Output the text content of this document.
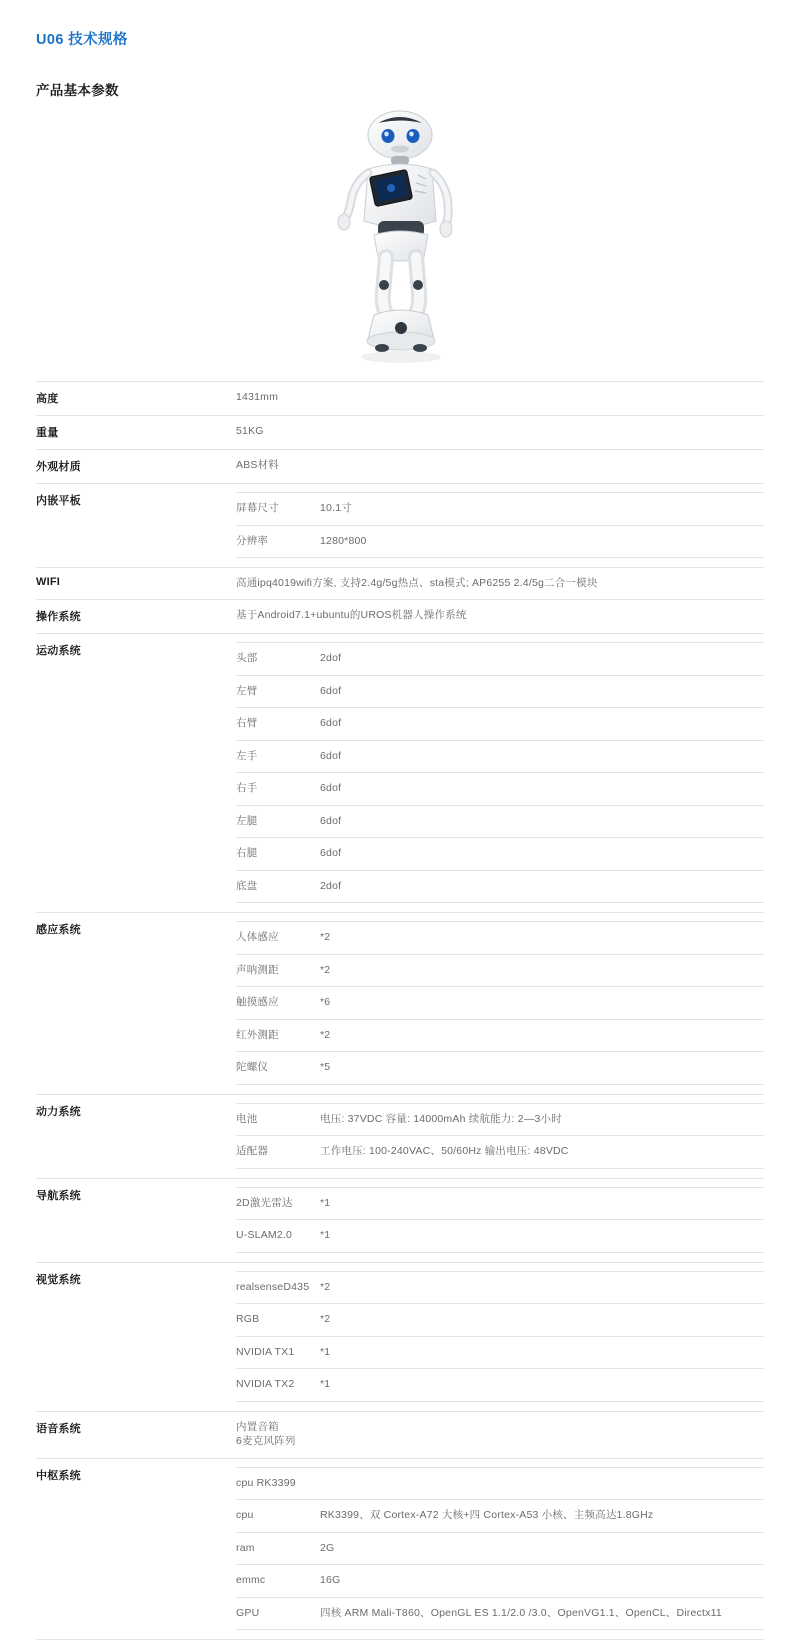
U06 技术规格
产品基本参数
高度	1431mm

重量	51KG

外观材质	ABS材料

内嵌平板	
屏幕尺寸	10.1寸
分辨率	1280*800

WIFI	高通ipq4019wifi方案, 支持2.4g/5g热点、sta模式; AP6255 2.4/5g二合一模块

操作系统	基于Android7.1+ubuntu的UROS机器人操作系统

运动系统	
头部	2dof
左臂	6dof
右臂	6dof
左手	6dof
右手	6dof
左腿	6dof
右腿	6dof
底盘	2dof

感应系统	
人体感应	*2
声呐测距	*2
触摸感应	*6
红外测距	*2
陀螺仪	*5

动力系统	
电池	电压: 37VDC 容量: 14000mAh 续航能力: 2—3小时
适配器	工作电压: 100-240VAC、50/60Hz 输出电压: 48VDC

导航系统	
2D激光雷达	*1
U-SLAM2.0	*1

视觉系统	
realsenseD435	*2
RGB	*2
NVIDIA TX1	*1
NVIDIA TX2	*1

语音系统	内置音箱
6麦克风阵列

中枢系统	
cpu RK3399	
cpu	RK3399、双 Cortex-A72 大核+四 Cortex-A53 小核、主频高达1.8GHz
ram	2G
emmc	16G
GPU	四核 ARM Mali-T860、OpenGL ES 1.1/2.0 /3.0、OpenVG1.1、OpenCL、Directx11
